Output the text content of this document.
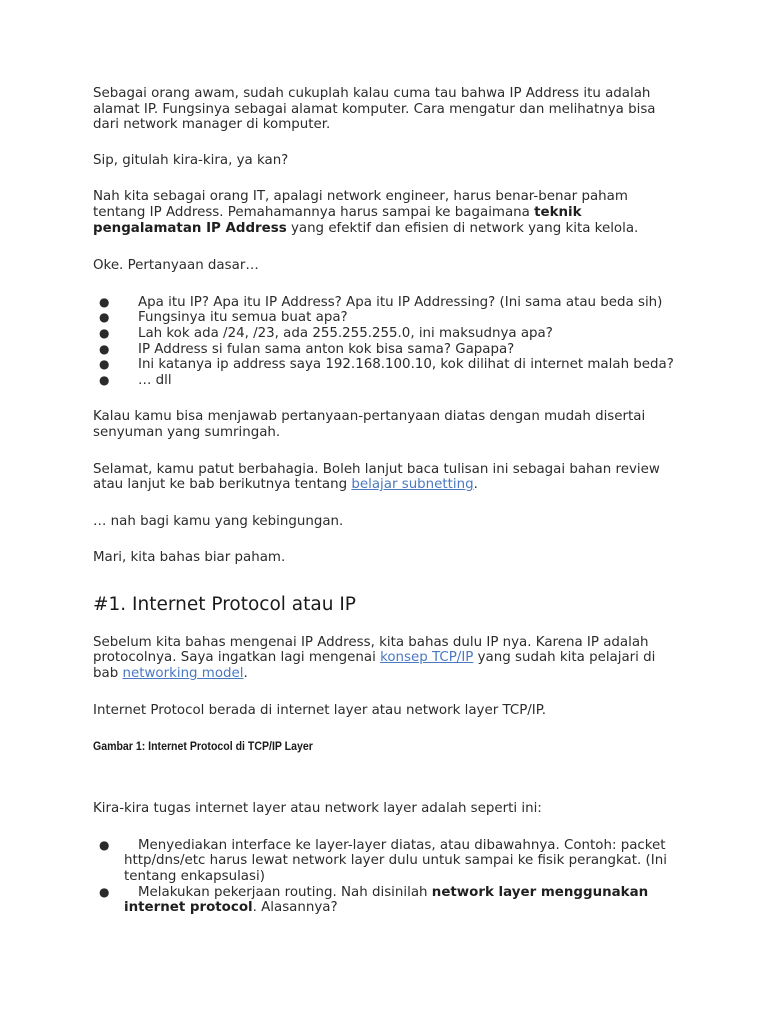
Sebagai orang awam, sudah cukuplah kalau cuma tau bahwa IP Address itu adalah alamat IP. Fungsinya sebagai alamat komputer. Cara mengatur dan melihatnya bisa dari network manager di komputer.

Sip, gitulah kira-kira, ya kan?

Nah kita sebagai orang IT, apalagi network engineer, harus benar-benar paham tentang IP Address. Pemahamannya harus sampai ke bagaimana teknik pengalamatan IP Address yang efektif dan efisien di network yang kita kelola.

Oke. Pertanyaan dasar…

● Apa itu IP? Apa itu IP Address? Apa itu IP Addressing? (Ini sama atau beda sih)
● Fungsinya itu semua buat apa?
● Lah kok ada /24, /23, ada 255.255.255.0, ini maksudnya apa?
● IP Address si fulan sama anton kok bisa sama? Gapapa?
● Ini katanya ip address saya 192.168.100.10, kok dilihat di internet malah beda?
● … dll

Kalau kamu bisa menjawab pertanyaan-pertanyaan diatas dengan mudah disertai senyuman yang sumringah.

Selamat, kamu patut berbahagia. Boleh lanjut baca tulisan ini sebagai bahan review atau lanjut ke bab berikutnya tentang belajar subnetting.

… nah bagi kamu yang kebingungan.

Mari, kita bahas biar paham.

#1. Internet Protocol atau IP

Sebelum kita bahas mengenai IP Address, kita bahas dulu IP nya. Karena IP adalah protocolnya. Saya ingatkan lagi mengenai konsep TCP/IP yang sudah kita pelajari di bab networking model.

Internet Protocol berada di internet layer atau network layer TCP/IP.

Gambar 1: Internet Protocol di TCP/IP Layer

Kira-kira tugas internet layer atau network layer adalah seperti ini:

● Menyediakan interface ke layer-layer diatas, atau dibawahnya. Contoh: packet http/dns/etc harus lewat network layer dulu untuk sampai ke fisik perangkat. (Ini tentang enkapsulasi)
● Melakukan pekerjaan routing. Nah disinilah network layer menggunakan internet protocol. Alasannya?
